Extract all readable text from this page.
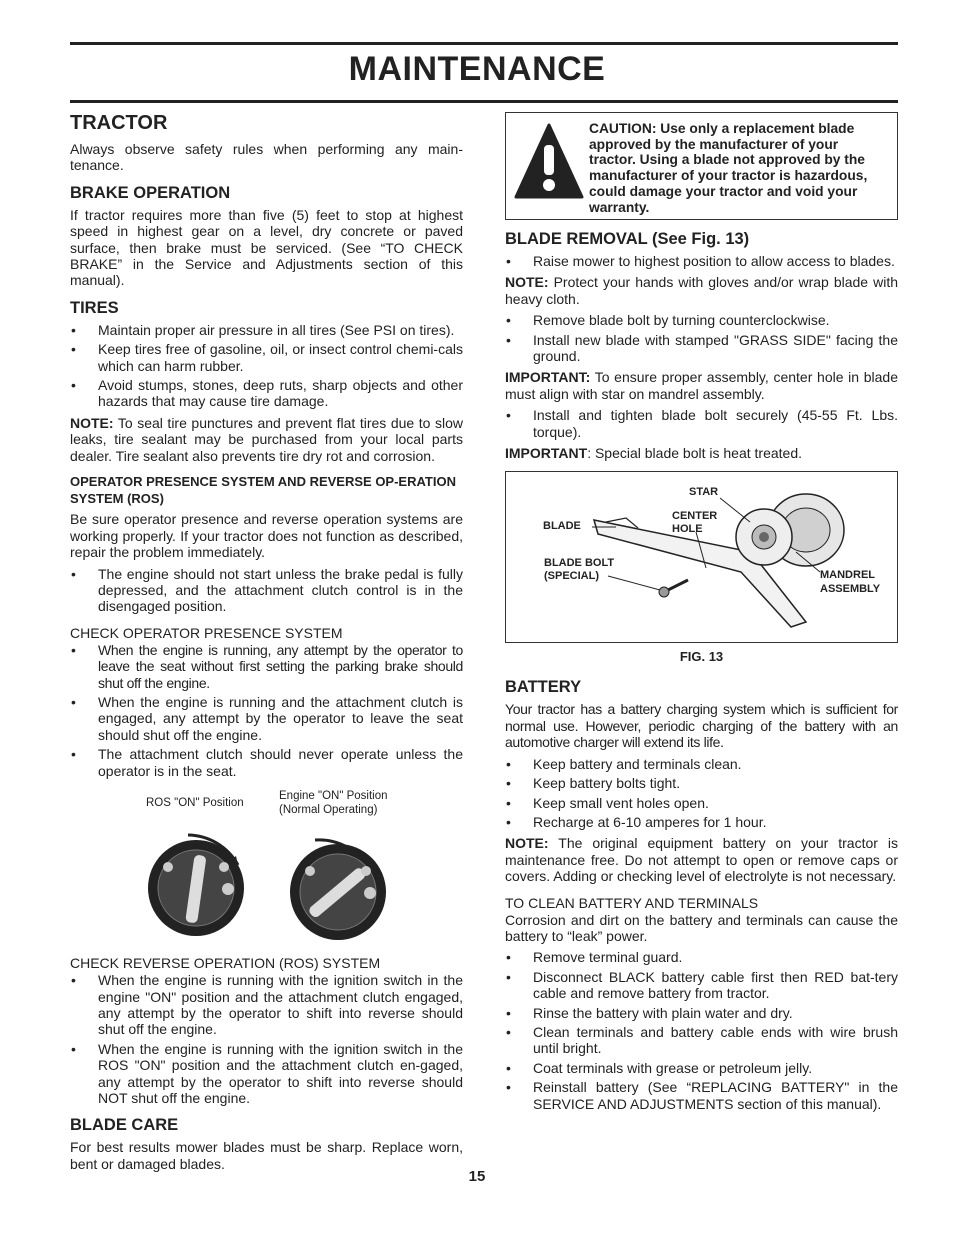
MAINTENANCE
TRACTOR

Always observe safety rules when performing any main-tenance.

BRAKE OPERATION

If tractor requires more than five (5) feet to stop at highest speed in highest gear on a level, dry concrete or paved surface, then brake must be serviced. (See “TO CHECK BRAKE” in the Service and Adjustments section of this manual).

TIRES
• Maintain proper air pressure in all tires (See PSI on tires).
• Keep tires free of gasoline, oil, or insect control chemi-cals which can harm rubber.
• Avoid stumps, stones, deep ruts, sharp objects and other hazards that may cause tire damage.

NOTE: To seal tire punctures and prevent flat tires due to slow leaks, tire sealant may be purchased from your local parts dealer. Tire sealant also prevents tire dry rot and corrosion.

OPERATOR PRESENCE SYSTEM AND REVERSE OP-ERATION SYSTEM (ROS)

Be sure operator presence and reverse operation systems are working properly. If your tractor does not function as described, repair the problem immediately.

• The engine should not start unless the brake pedal is fully depressed, and the attachment clutch control is in the disengaged position.
CHECK OPERATOR PRESENCE SYSTEM
• When the engine is running, any attempt by the operator to leave the seat without first setting the parking brake should shut off the engine.
• When the engine is running and the attachment clutch is engaged, any attempt by the operator to leave the seat should shut off the engine.
• The attachment clutch should never operate unless the operator is in the seat.
ROS "ON" Position
Engine "ON" Position
(Normal Operating)
CHECK REVERSE OPERATION (ROS) SYSTEM
• When the engine is running with the ignition switch in the engine "ON" position and the attachment clutch engaged, any attempt by the operator to shift into reverse should shut off the engine.
• When the engine is running with the ignition switch in the ROS "ON" position and the attachment clutch en-gaged, any attempt by the operator to shift into reverse should NOT shut off the engine.
BLADE CARE

For best results mower blades must be sharp. Replace worn, bent or damaged blades.

CAUTION: Use only a replacement blade approved by the manufacturer of your tractor. Using a blade not approved by the manufacturer of your tractor is hazardous, could damage your tractor and void your warranty.
BLADE REMOVAL (See Fig. 13)
• Raise mower to highest position to allow access to blades.

NOTE: Protect your hands with gloves and/or wrap blade with heavy cloth.

• Remove blade bolt by turning counterclockwise.
• Install new blade with stamped "GRASS SIDE" facing the ground.

IMPORTANT: To ensure proper assembly, center hole in blade must align with star on mandrel assembly.

• Install and tighten blade bolt securely (45-55 Ft. Lbs. torque).

IMPORTANT: Special blade bolt is heat treated.

STAR
CENTER
HOLE
BLADE
BLADE BOLT
(SPECIAL)	MANDREL
ASSEMBLY
FIG. 13
BATTERY

Your tractor has a battery charging system which is sufficient for normal use. However, periodic charging of the battery with an automotive charger will extend its life.

• Keep battery and terminals clean.
• Keep battery bolts tight.
• Keep small vent holes open.
• Recharge at 6-10 amperes for 1 hour.

NOTE: The original equipment battery on your tractor is maintenance free. Do not attempt to open or remove caps or covers. Adding or checking level of electrolyte is not necessary.

TO CLEAN BATTERY AND TERMINALS

Corrosion and dirt on the battery and terminals can cause the battery to “leak” power.

• Remove terminal guard.
• Disconnect BLACK battery cable first then RED bat-tery cable and remove battery from tractor.
• Rinse the battery with plain water and dry.
• Clean terminals and battery cable ends with wire brush until bright.
• Coat terminals with grease or petroleum jelly.
• Reinstall battery (See “REPLACING BATTERY" in the SERVICE AND ADJUSTMENTS section of this manual).
15
